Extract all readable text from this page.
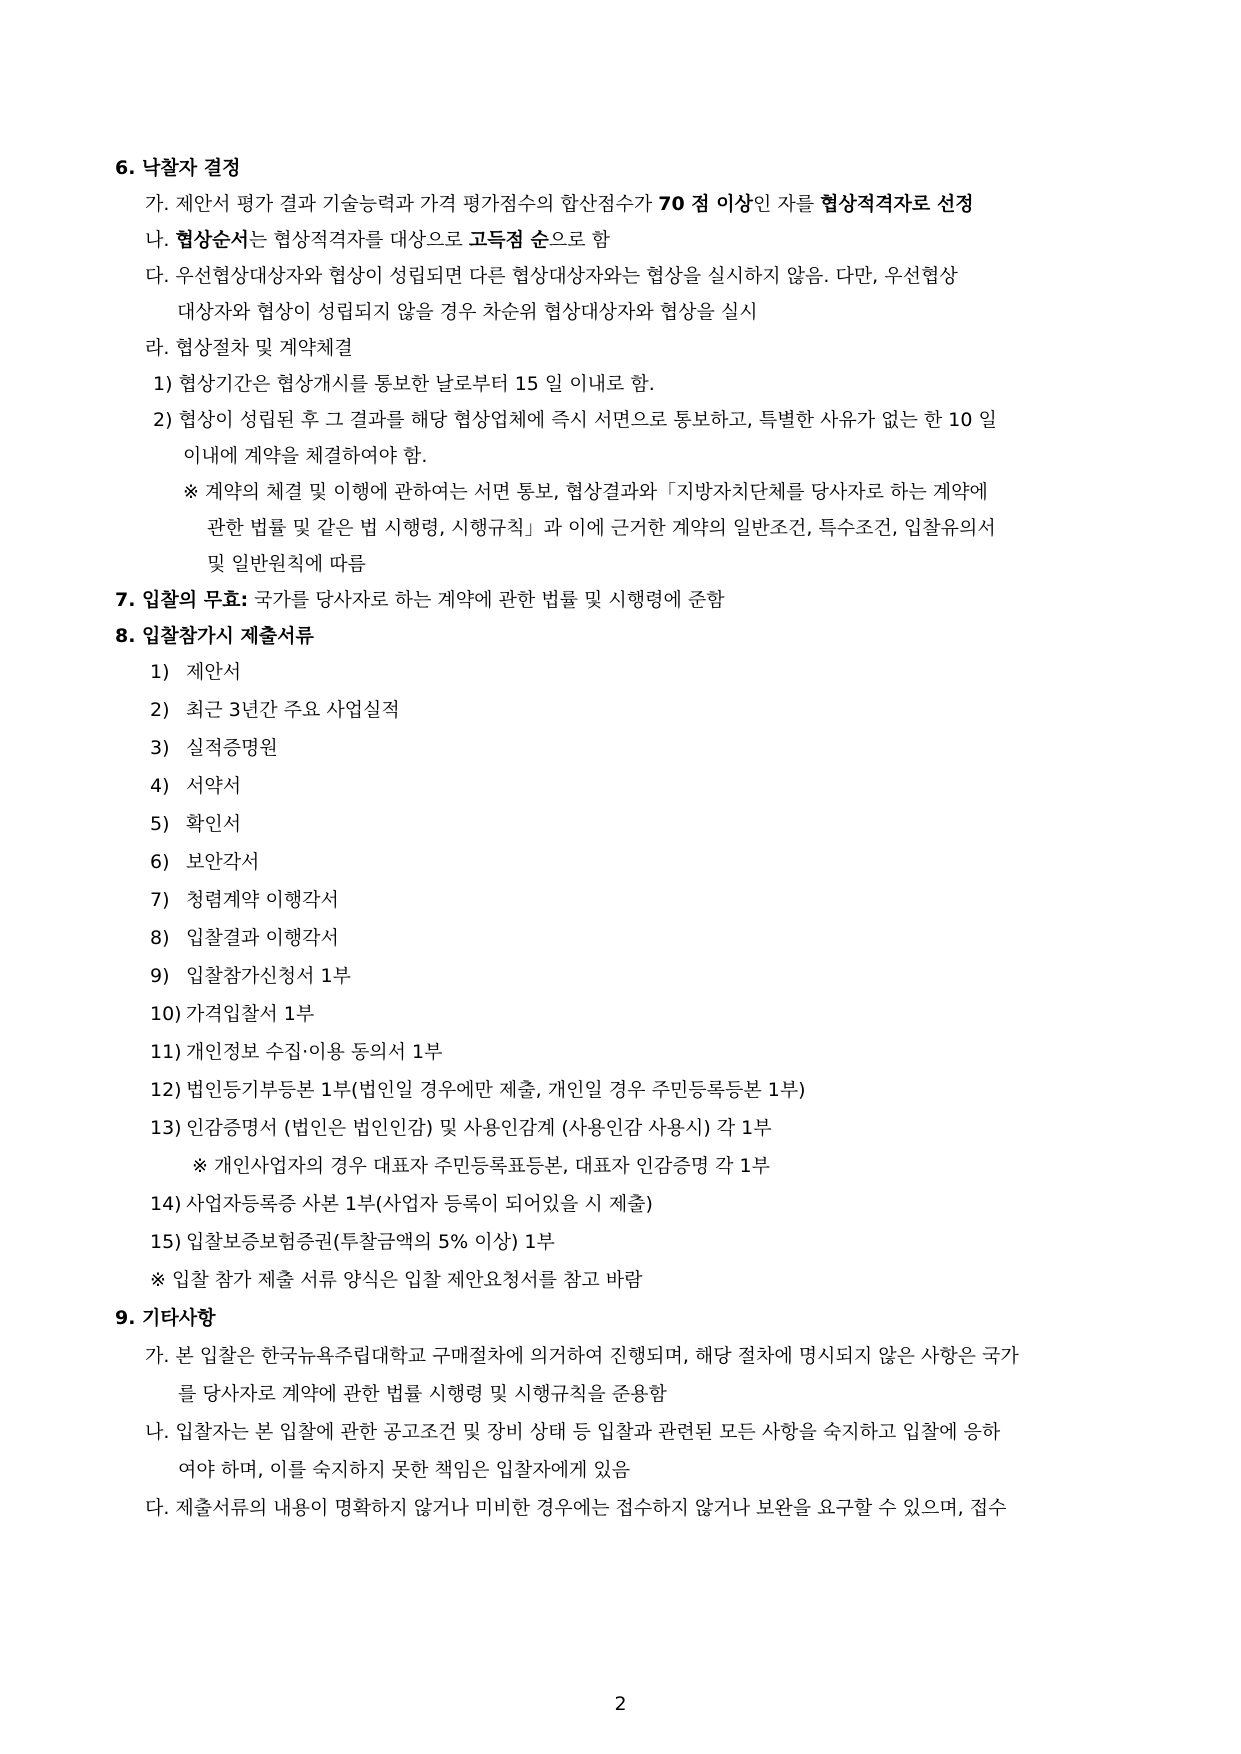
6. 낙찰자 결정
가. 제안서 평가 결과 기술능력과 가격 평가점수의 합산점수가 70 점 이상인 자를 협상적격자로 선정
나. 협상순서는 협상적격자를 대상으로 고득점 순으로 함
다. 우선협상대상자와 협상이 성립되면 다른 협상대상자와는 협상을 실시하지 않음. 다만, 우선협상
대상자와 협상이 성립되지 않을 경우 차순위 협상대상자와 협상을 실시
라. 협상절차 및 계약체결
1) 협상기간은 협상개시를 통보한 날로부터 15 일 이내로 함.
2) 협상이 성립된 후 그 결과를 해당 협상업체에 즉시 서면으로 통보하고, 특별한 사유가 없는 한 10 일
이내에 계약을 체결하여야 함.
※ 계약의 체결 및 이행에 관하여는 서면 통보, 협상결과와「지방자치단체를 당사자로 하는 계약에
관한 법률 및 같은 법 시행령, 시행규칙」과 이에 근거한 계약의 일반조건, 특수조건, 입찰유의서
및 일반원칙에 따름
7. 입찰의 무효: 국가를 당사자로 하는 계약에 관한 법률 및 시행령에 준함
8. 입찰참가시 제출서류
1) 제안서
2) 최근 3년간 주요 사업실적
3) 실적증명원
4) 서약서
5) 확인서
6) 보안각서
7) 청렴계약 이행각서
8) 입찰결과 이행각서
9) 입찰참가신청서 1부
10) 가격입찰서 1부
11) 개인정보 수집·이용 동의서 1부
12) 법인등기부등본 1부(법인일 경우에만 제출, 개인일 경우 주민등록등본 1부)
13) 인감증명서 (법인은 법인인감) 및 사용인감계 (사용인감 사용시) 각 1부
※ 개인사업자의 경우 대표자 주민등록표등본, 대표자 인감증명 각 1부
14) 사업자등록증 사본 1부(사업자 등록이 되어있을 시 제출)
15) 입찰보증보험증권(투찰금액의 5% 이상) 1부
※ 입찰 참가 제출 서류 양식은 입찰 제안요청서를 참고 바람
9. 기타사항
가. 본 입찰은 한국뉴욕주립대학교 구매절차에 의거하여 진행되며, 해당 절차에 명시되지 않은 사항은 국가
를 당사자로 계약에 관한 법률 시행령 및 시행규칙을 준용함
나. 입찰자는 본 입찰에 관한 공고조건 및 장비 상태 등 입찰과 관련된 모든 사항을 숙지하고 입찰에 응하
여야 하며, 이를 숙지하지 못한 책임은 입찰자에게 있음
다. 제출서류의 내용이 명확하지 않거나 미비한 경우에는 접수하지 않거나 보완을 요구할 수 있으며, 접수
2
